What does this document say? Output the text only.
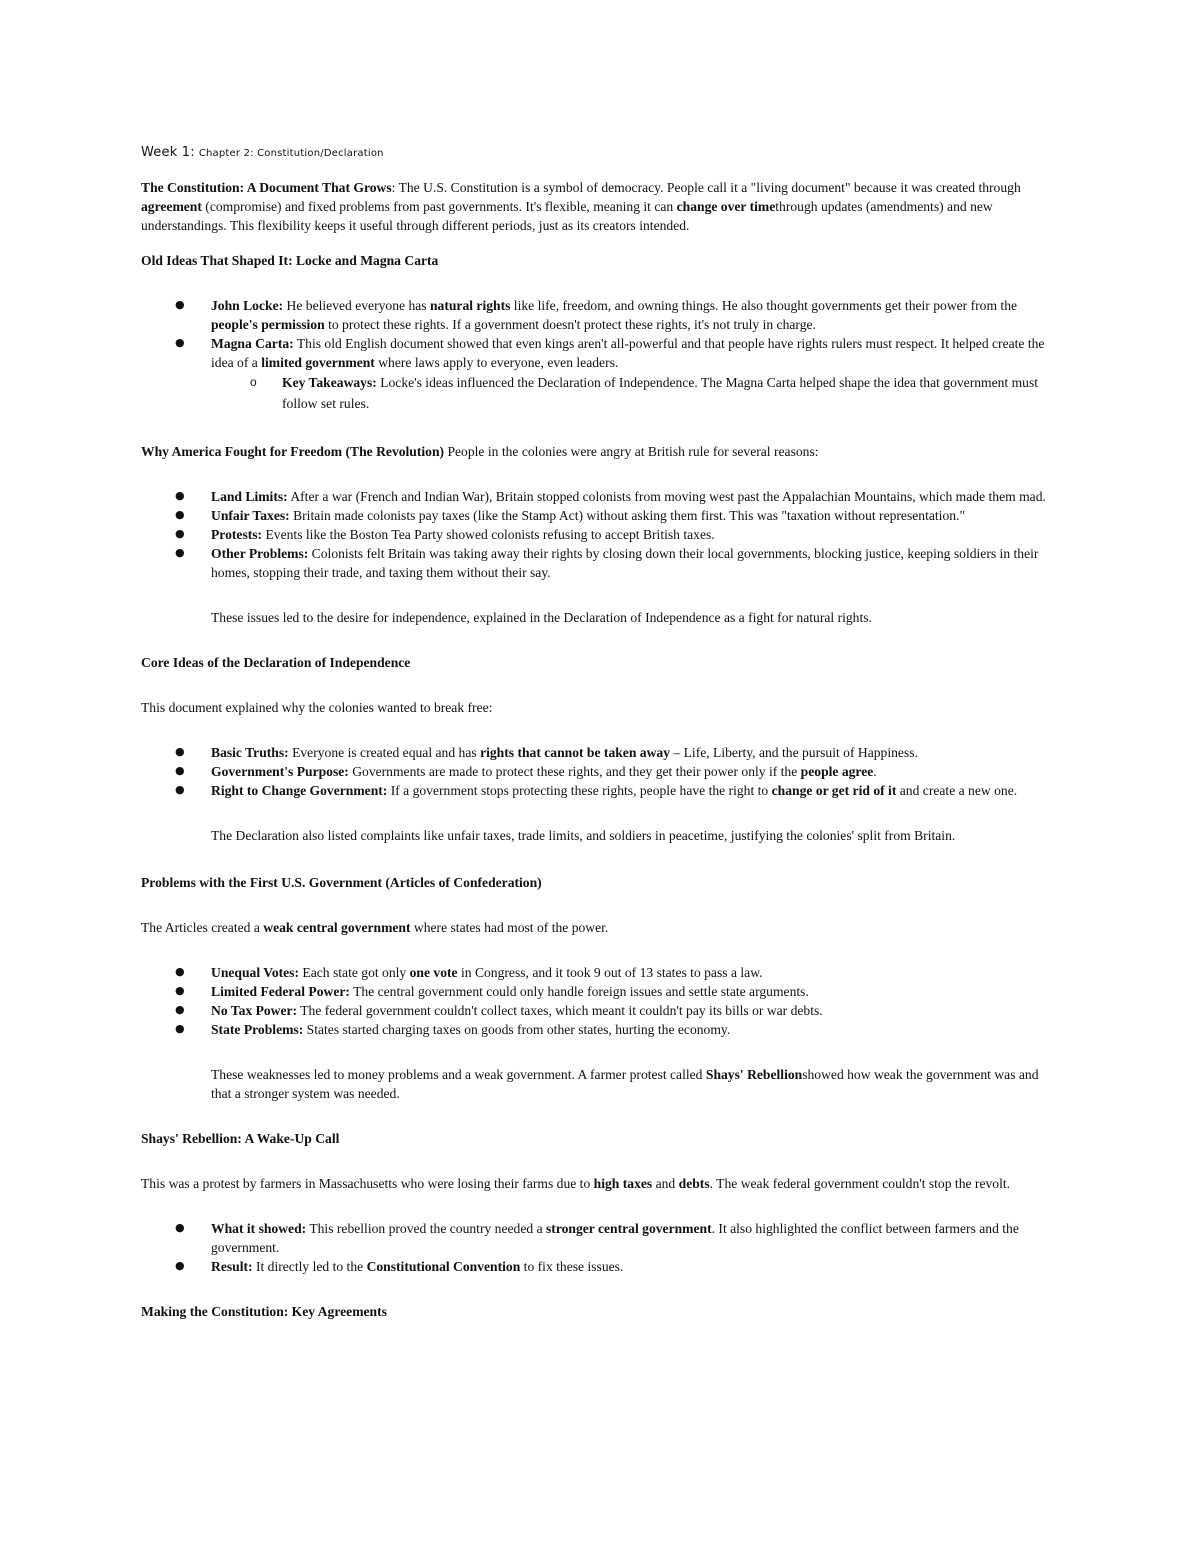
Week 1: Chapter 2: Constitution/Declaration

The Constitution: A Document That Grows: The U.S. Constitution is a symbol of democracy. People call it a "living document" because it was created through agreement (compromise) and fixed problems from past governments. It's flexible, meaning it can change over timethrough updates (amendments) and new understandings. This flexibility keeps it useful through different periods, just as its creators intended.

Old Ideas That Shaped It: Locke and Magna Carta

● John Locke: He believed everyone has natural rights like life, freedom, and owning things. He also thought governments get their power from the people's permission to protect these rights. If a government doesn't protect these rights, it's not truly in charge.
● Magna Carta: This old English document showed that even kings aren't all-powerful and that people have rights rulers must respect. It helped create the idea of a limited government where laws apply to everyone, even leaders.
o Key Takeaways: Locke's ideas influenced the Declaration of Independence. The Magna Carta helped shape the idea that government must follow set rules.

Why America Fought for Freedom (The Revolution) People in the colonies were angry at British rule for several reasons:

● Land Limits: After a war (French and Indian War), Britain stopped colonists from moving west past the Appalachian Mountains, which made them mad.
● Unfair Taxes: Britain made colonists pay taxes (like the Stamp Act) without asking them first. This was "taxation without representation."
● Protests: Events like the Boston Tea Party showed colonists refusing to accept British taxes.
● Other Problems: Colonists felt Britain was taking away their rights by closing down their local governments, blocking justice, keeping soldiers in their homes, stopping their trade, and taxing them without their say.

These issues led to the desire for independence, explained in the Declaration of Independence as a fight for natural rights.

Core Ideas of the Declaration of Independence

This document explained why the colonies wanted to break free:

● Basic Truths: Everyone is created equal and has rights that cannot be taken away – Life, Liberty, and the pursuit of Happiness.
● Government's Purpose: Governments are made to protect these rights, and they get their power only if the people agree.
● Right to Change Government: If a government stops protecting these rights, people have the right to change or get rid of it and create a new one.

The Declaration also listed complaints like unfair taxes, trade limits, and soldiers in peacetime, justifying the colonies' split from Britain.

Problems with the First U.S. Government (Articles of Confederation)

The Articles created a weak central government where states had most of the power.

● Unequal Votes: Each state got only one vote in Congress, and it took 9 out of 13 states to pass a law.
● Limited Federal Power: The central government could only handle foreign issues and settle state arguments.
● No Tax Power: The federal government couldn't collect taxes, which meant it couldn't pay its bills or war debts.
● State Problems: States started charging taxes on goods from other states, hurting the economy.

These weaknesses led to money problems and a weak government. A farmer protest called Shays' Rebellionshowed how weak the government was and that a stronger system was needed.

Shays' Rebellion: A Wake-Up Call

This was a protest by farmers in Massachusetts who were losing their farms due to high taxes and debts. The weak federal government couldn't stop the revolt.

● What it showed: This rebellion proved the country needed a stronger central government. It also highlighted the conflict between farmers and the government.
● Result: It directly led to the Constitutional Convention to fix these issues.

Making the Constitution: Key Agreements
